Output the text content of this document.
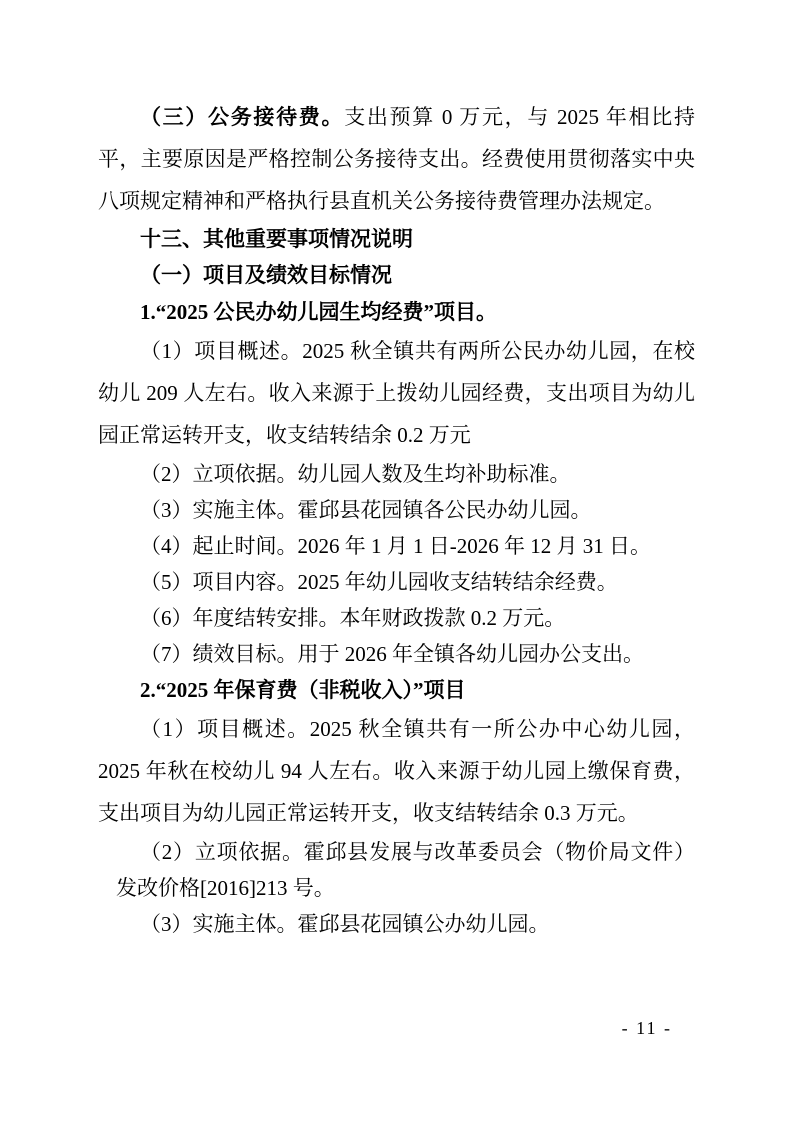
（三）公务接待费。支出预算 0 万元，与 2025 年相比持平，主要原因是严格控制公务接待支出。经费使用贯彻落实中央八项规定精神和严格执行县直机关公务接待费管理办法规定。

十三、其他重要事项情况说明

（一）项目及绩效目标情况

1.“2025 公民办幼儿园生均经费”项目。

（1）项目概述。2025 秋全镇共有两所公民办幼儿园，在校幼儿 209 人左右。收入来源于上拨幼儿园经费，支出项目为幼儿园正常运转开支，收支结转结余 0.2 万元

（2）立项依据。幼儿园人数及生均补助标准。

（3）实施主体。霍邱县花园镇各公民办幼儿园。

（4）起止时间。2026 年 1 月 1 日-2026 年 12 月 31 日。

（5）项目内容。2025 年幼儿园收支结转结余经费。

（6）年度结转安排。本年财政拨款 0.2 万元。

（7）绩效目标。用于 2026 年全镇各幼儿园办公支出。

2.“2025 年保育费（非税收入）”项目

（1）项目概述。2025 秋全镇共有一所公办中心幼儿园，2025 年秋在校幼儿 94 人左右。收入来源于幼儿园上缴保育费，支出项目为幼儿园正常运转开支，收支结转结余 0.3 万元。

（2）立项依据。霍邱县发展与改革委员会（物价局文件）发改价格[2016]213 号。

（3）实施主体。霍邱县花园镇公办幼儿园。

- 11 -
